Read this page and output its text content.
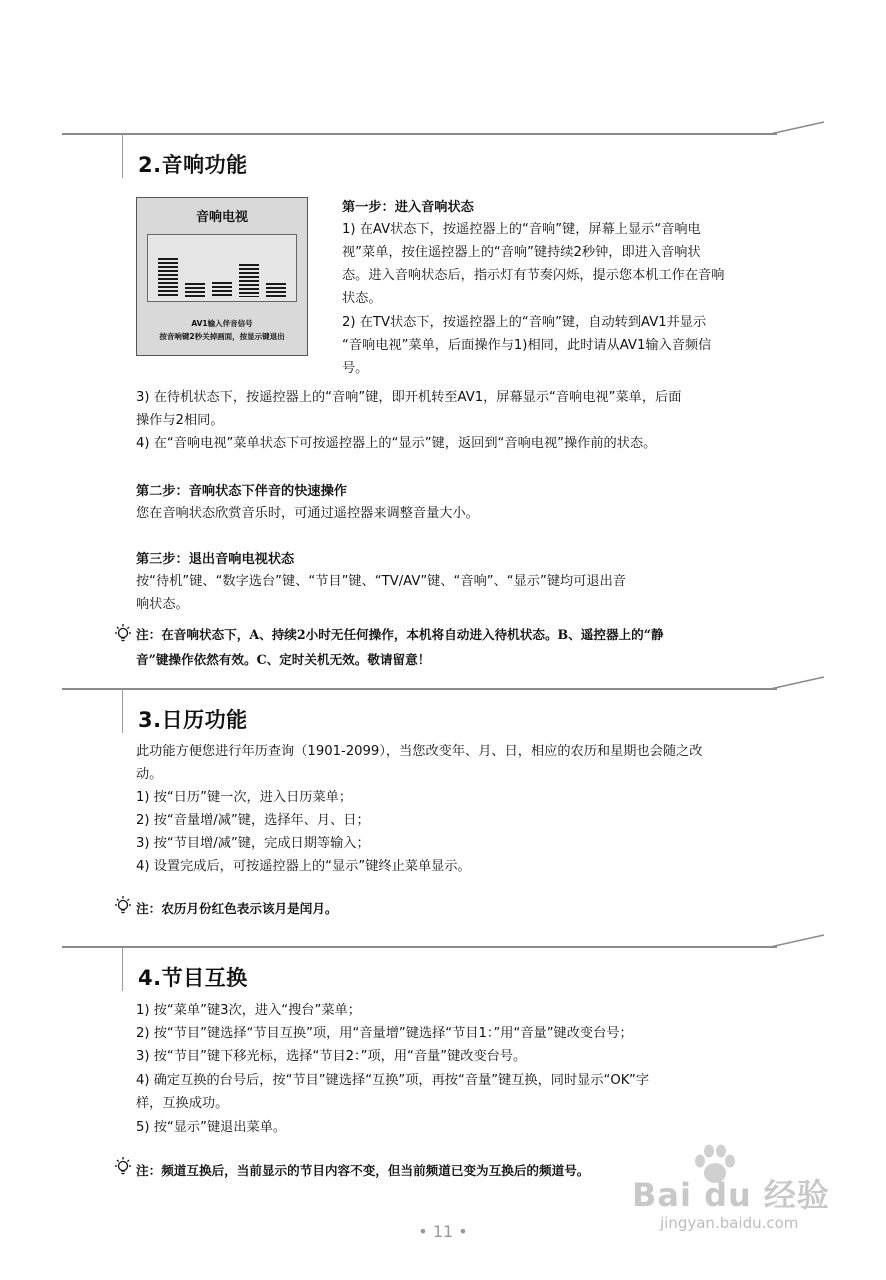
2.音响功能
音响电视
AV1输入伴音信号
按音响键2秒关掉画面，按显示键退出
第一步：进入音响状态
1) 在AV状态下，按遥控器上的“音响”键，屏幕上显示“音响电
视”菜单，按住遥控器上的“音响”键持续2秒钟，即进入音响状
态。进入音响状态后，指示灯有节奏闪烁，提示您本机工作在音响
状态。
2) 在TV状态下，按遥控器上的“音响”键，自动转到AV1并显示
“音响电视”菜单，后面操作与1)相同，此时请从AV1输入音频信
号。
3) 在待机状态下，按遥控器上的“音响”键，即开机转至AV1，屏幕显示“音响电视”菜单，后面
操作与2相同。
4) 在“音响电视”菜单状态下可按遥控器上的“显示”键，返回到“音响电视”操作前的状态。
第二步：音响状态下伴音的快速操作
您在音响状态欣赏音乐时，可通过遥控器来调整音量大小。
第三步：退出音响电视状态
按“待机”键、“数字选台”键、“节目”键、“TV/AV”键、“音响”、“显示”键均可退出音
响状态。
注：在音响状态下，A、持续2小时无任何操作，本机将自动进入待机状态。B、遥控器上的“静
音”键操作依然有效。C、定时关机无效。敬请留意！
3.日历功能
此功能方便您进行年历查询（1901-2099），当您改变年、月、日，相应的农历和星期也会随之改
动。
1) 按“日历”键一次，进入日历菜单；
2) 按“音量增/减”键，选择年、月、日；
3) 按“节目增/减”键，完成日期等输入；
4) 设置完成后，可按遥控器上的“显示”键终止菜单显示。
注：农历月份红色表示该月是闰月。
4.节目互换
1) 按“菜单”键3次，进入“搜台”菜单；
2) 按“节目”键选择“节目互换”项，用“音量增”键选择“节目1：”用“音量”键改变台号；
3) 按“节目”键下移光标，选择“节目2：”项，用“音量”键改变台号。
4) 确定互换的台号后，按“节目”键选择“互换”项，再按“音量”键互换，同时显示“OK”字
样，互换成功。
5) 按“显示”键退出菜单。
注：频道互换后，当前显示的节目内容不变，但当前频道已变为互换后的频道号。
• 11 •
Bai du 经验
jingyan.baidu.com
